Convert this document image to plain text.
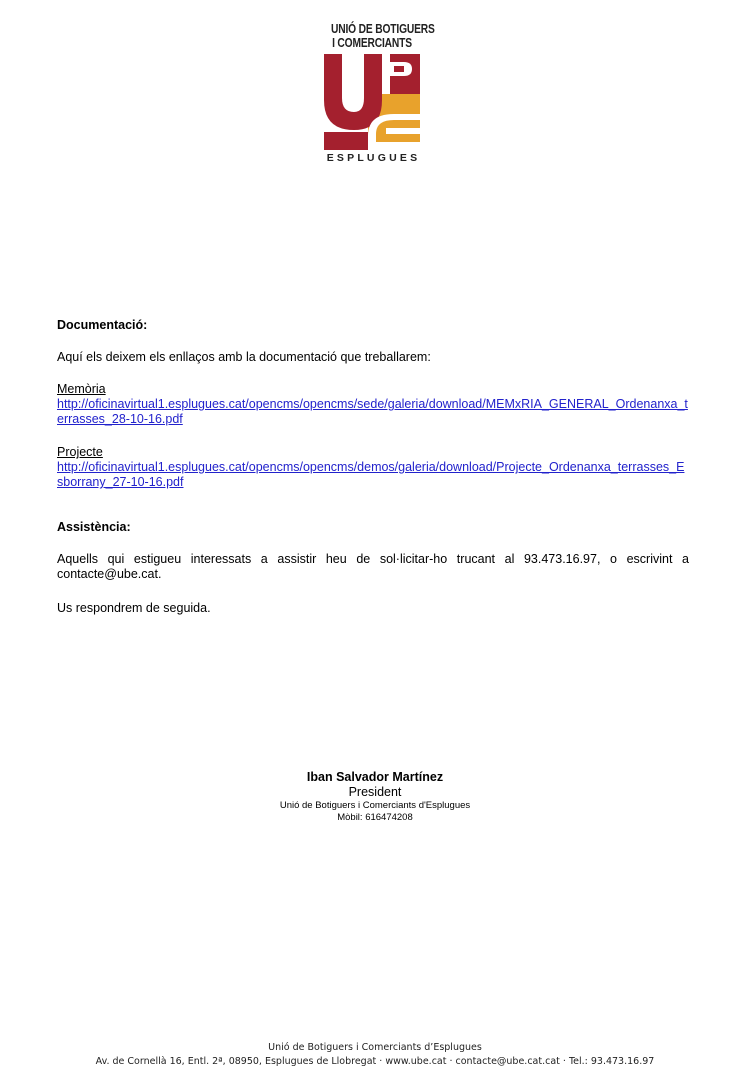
UNIÓ DE BOTIGUERS
I COMERCIANTS
ESPLUGUES

Documentació:

Aquí els deixem els enllaços amb la documentació que treballarem:

Memòria
http://oficinavirtual1.esplugues.cat/opencms/opencms/sede/galeria/download/MEMxRIA_GENERAL_Ordenanxa_terrasses_28-10-16.pdf
Projecte
http://oficinavirtual1.esplugues.cat/opencms/opencms/demos/galeria/download/Projecte_Ordenanxa_terrasses_Esborrany_27-10-16.pdf

Assistència:

Aquells qui estigueu interessats a assistir heu de sol·licitar-ho trucant al 93.473.16.97, o escrivint a contacte@ube.cat.

Us respondrem de seguida.

Iban Salvador Martínez
President
Unió de Botiguers i Comerciants d'Esplugues
Mòbil: 616474208
Unió de Botiguers i Comerciants d’Esplugues
Av. de Cornellà 16, Entl. 2ª, 08950, Esplugues de Llobregat · www.ube.cat · contacte@ube.cat.cat · Tel.: 93.473.16.97
